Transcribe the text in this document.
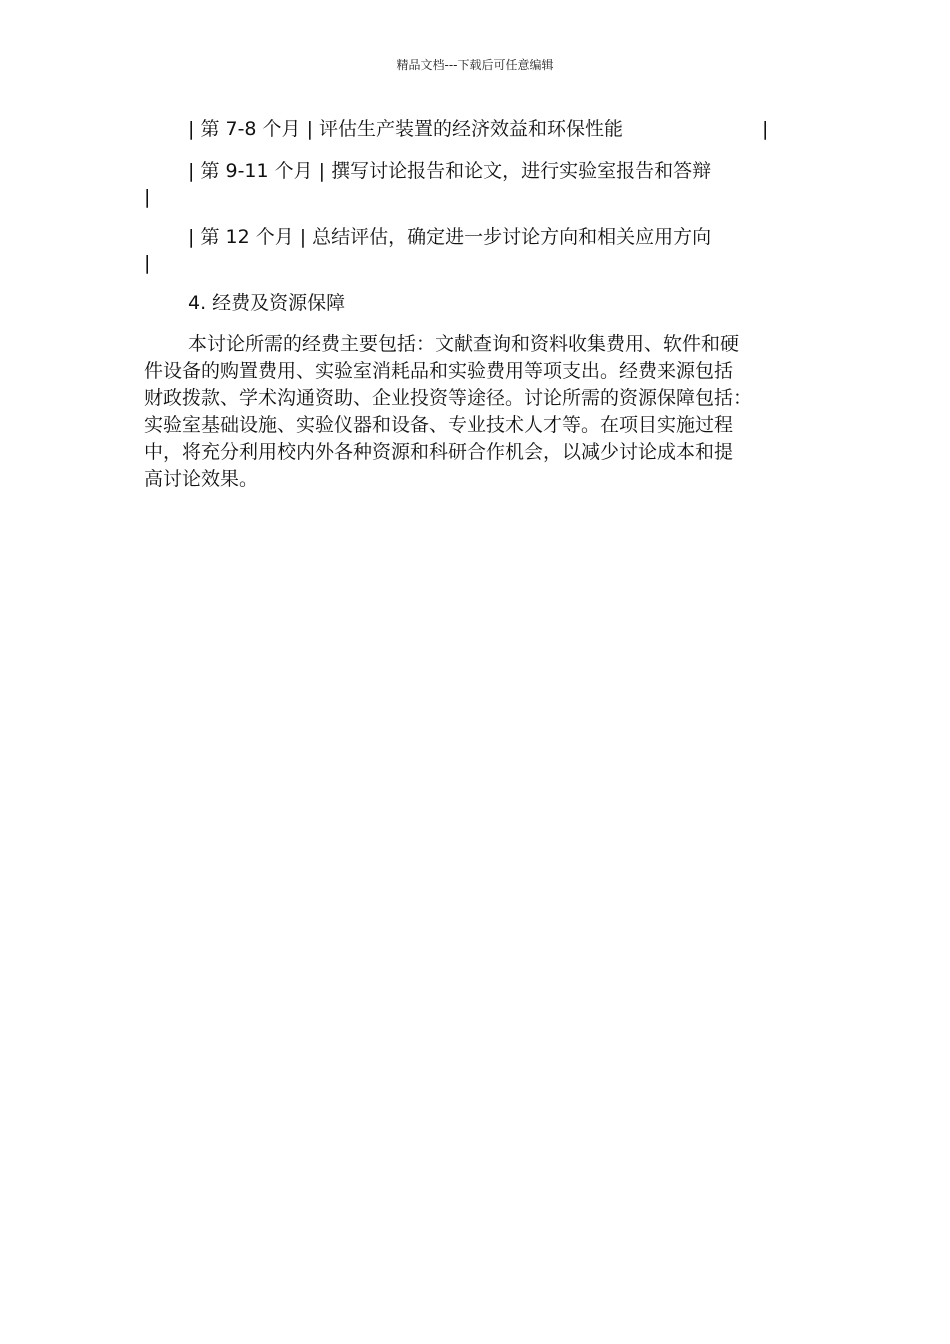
精品文档---下载后可任意编辑
| 第 7-8 个月 | 评估生产装置的经济效益和环保性能	|
| 第 9-11 个月 | 撰写讨论报告和论文，进行实验室报告和答辩
|
| 第 12 个月 | 总结评估，确定进一步讨论方向和相关应用方向
|
4. 经费及资源保障
本讨论所需的经费主要包括：文献查询和资料收集费用、软件和硬
件设备的购置费用、实验室消耗品和实验费用等项支出。经费来源包括
财政拨款、学术沟通资助、企业投资等途径。讨论所需的资源保障包括：
实验室基础设施、实验仪器和设备、专业技术人才等。在项目实施过程
中，将充分利用校内外各种资源和科研合作机会，以减少讨论成本和提
高讨论效果。
